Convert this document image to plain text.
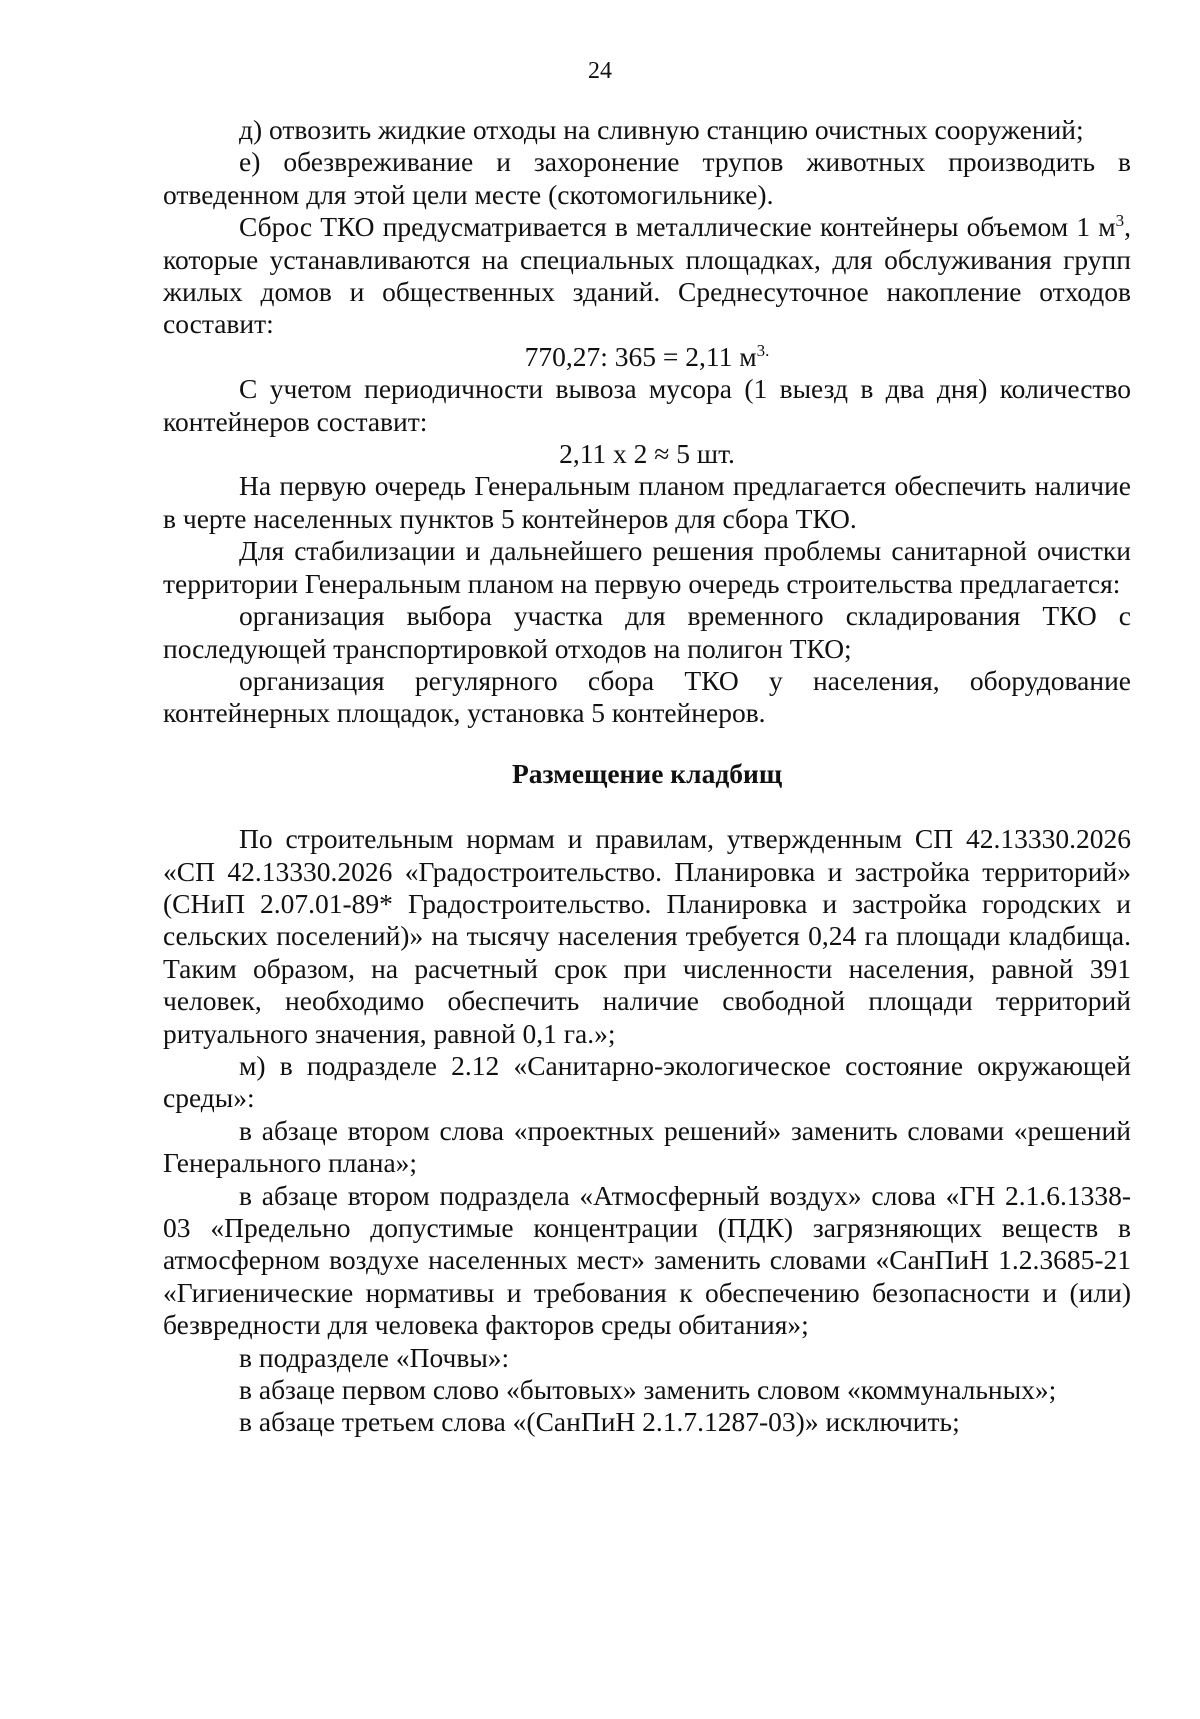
24

д) отвозить жидкие отходы на сливную станцию очистных сооружений;

е) обезвреживание и захоронение трупов животных производить в отведенном для этой цели месте (скотомогильнике).

Сброс ТКО предусматривается в металлические контейнеры объемом 1 $м^3$, которые устанавливаются на специальных площадках, для обслуживания групп жилых домов и общественных зданий. Среднесуточное накопление отходов составит:

770,27: 365 = 2,11 $м^{3.}$

С учетом периодичности вывоза мусора (1 выезд в два дня) количество контейнеров составит:

2,11 x 2 ≈ 5 шт.

На первую очередь Генеральным планом предлагается обеспечить наличие в черте населенных пунктов 5 контейнеров для сбора ТКО.

Для стабилизации и дальнейшего решения проблемы санитарной очистки территории Генеральным планом на первую очередь строительства предлагается:

организация выбора участка для временного складирования ТКО с последующей транспортировкой отходов на полигон ТКО;

организация регулярного сбора ТКО у населения, оборудование контейнерных площадок, установка 5 контейнеров.

Размещение кладбищ

По строительным нормам и правилам, утвержденным СП 42.13330.2026 «СП 42.13330.2026 «Градостроительство. Планировка и застройка территорий» (СНиП 2.07.01-89* Градостроительство. Планировка и застройка городских и сельских поселений)» на тысячу населения требуется 0,24 га площади кладбища. Таким образом, на расчетный срок при численности населения, равной 391 человек, необходимо обеспечить наличие свободной площади территорий ритуального значения, равной 0,1 га.»;

м) в подразделе 2.12 «Санитарно-экологическое состояние окружающей среды»:

в абзаце втором слова «проектных решений» заменить словами «решений Генерального плана»;

в абзаце втором подраздела «Атмосферный воздух» слова «ГН 2.1.6.1338-03 «Предельно допустимые концентрации (ПДК) загрязняющих веществ в атмосферном воздухе населенных мест» заменить словами «СанПиН 1.2.3685-21 «Гигиенические нормативы и требования к обеспечению безопасности и (или) безвредности для человека факторов среды обитания»;

в подразделе «Почвы»:

в абзаце первом слово «бытовых» заменить словом «коммунальных»;

в абзаце третьем слова «(СанПиН 2.1.7.1287-03)» исключить;
